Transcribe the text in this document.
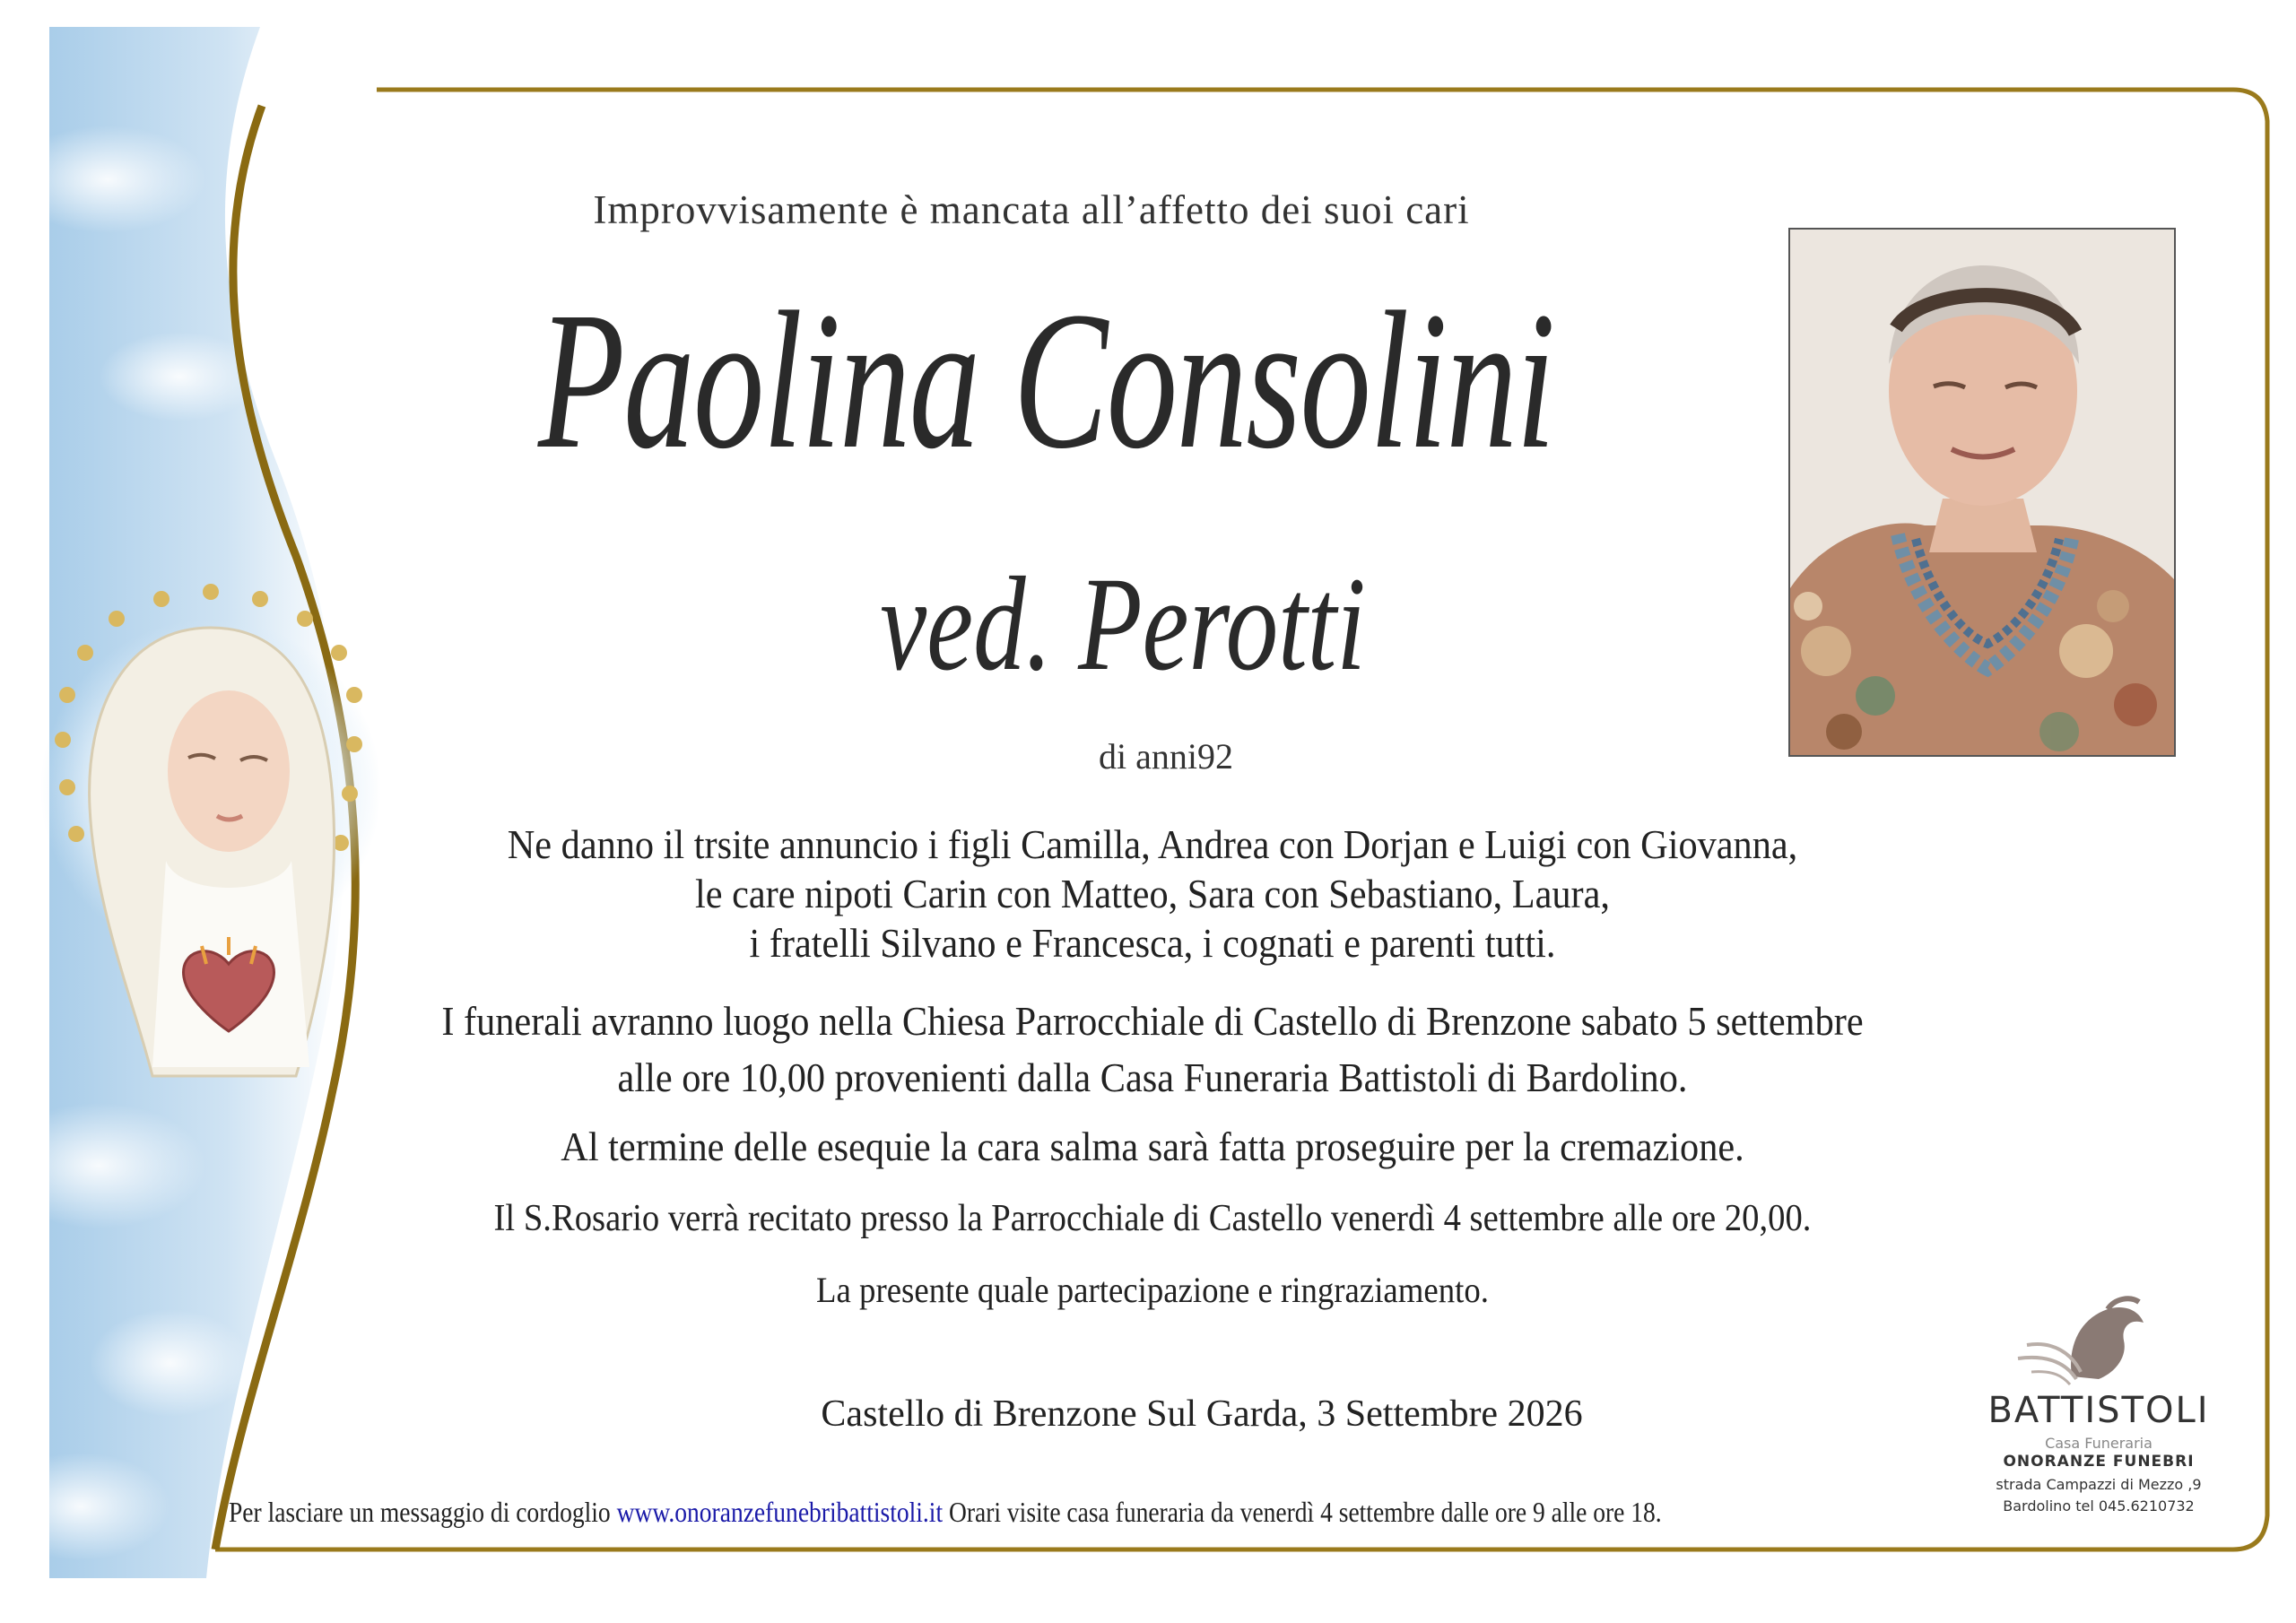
Improvvisamente è mancata all’affetto dei suoi cari
Paolina Consolini
ved. Perotti
di anni92
Ne danno il trsite annuncio i figli Camilla, Andrea con Dorjan e Luigi con Giovanna,
le care nipoti Carin con Matteo, Sara con Sebastiano, Laura,
i fratelli Silvano e Francesca, i cognati e parenti tutti.
I funerali avranno luogo nella Chiesa Parrocchiale di Castello di Brenzone sabato 5 settembre
alle ore 10,00 provenienti dalla Casa Funeraria Battistoli di Bardolino.
Al termine delle esequie la cara salma sarà fatta proseguire per la cremazione.
Il S.Rosario verrà recitato presso la Parrocchiale di Castello venerdì 4 settembre alle ore 20,00.
La presente quale partecipazione e ringraziamento.
Castello di Brenzone Sul Garda, 3 Settembre 2026
Per lasciare un messaggio di cordoglio www.onoranzefunebribattistoli.it Orari visite casa funeraria da venerdì 4 settembre dalle ore 9 alle ore 18.
BATTISTOLI
Casa Funeraria
ONORANZE FUNEBRI
strada Campazzi di Mezzo ,9
Bardolino tel 045.6210732
